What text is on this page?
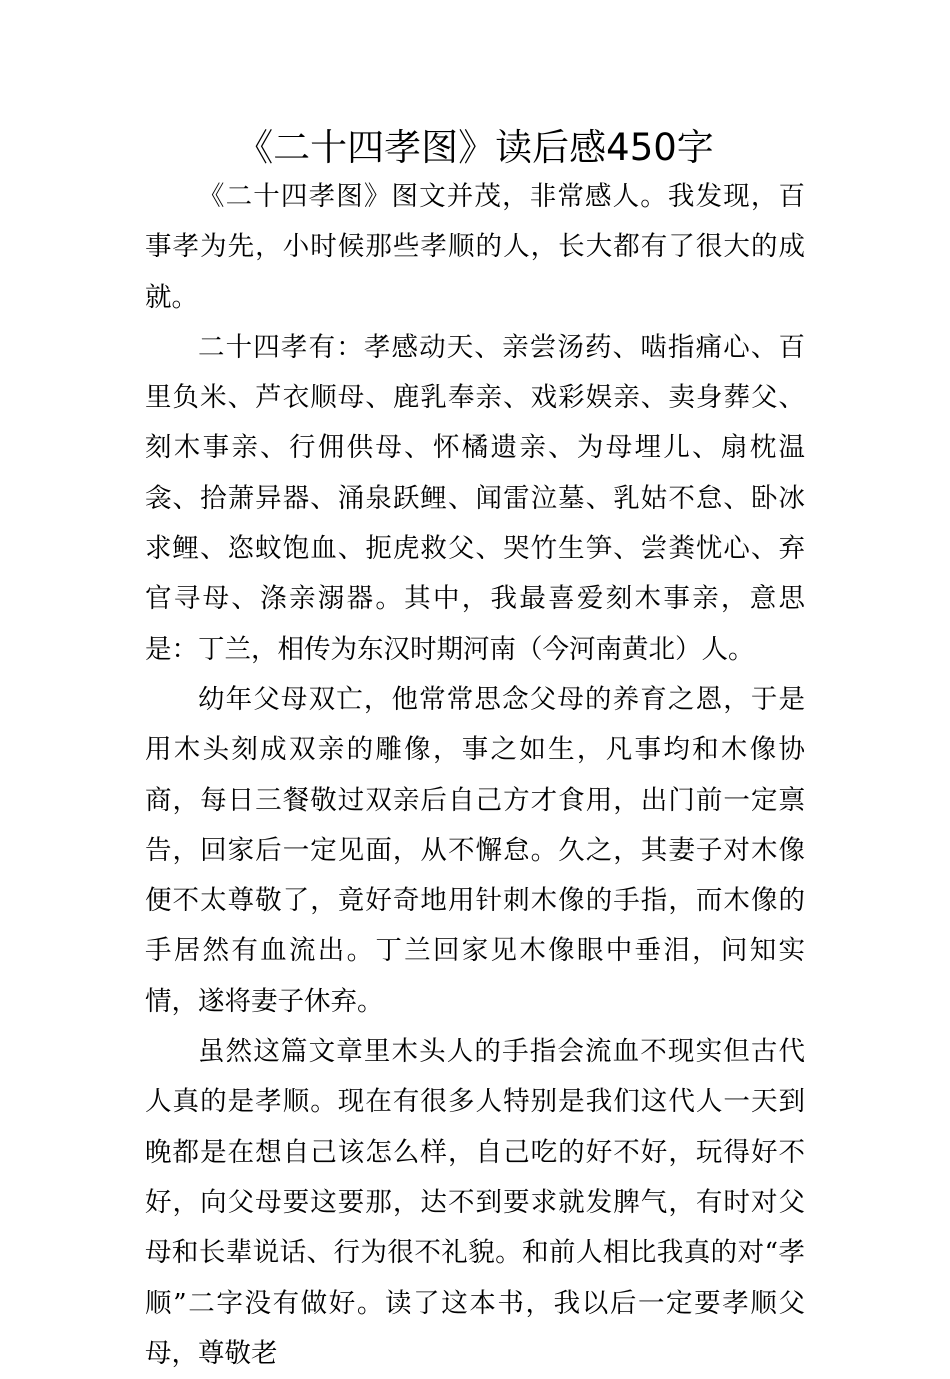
《二十四孝图》读后感450字

《二十四孝图》图文并茂，非常感人。我发现，百事孝为先，小时候那些孝顺的人，长大都有了很大的成就。

二十四孝有：孝感动天、亲尝汤药、啮指痛心、百里负米、芦衣顺母、鹿乳奉亲、戏彩娱亲、卖身葬父、刻木事亲、行佣供母、怀橘遗亲、为母埋儿、扇枕温衾、拾萧异器、涌泉跃鲤、闻雷泣墓、乳姑不怠、卧冰求鲤、恣蚊饱血、扼虎救父、哭竹生笋、尝粪忧心、弃官寻母、涤亲溺器。其中，我最喜爱刻木事亲，意思是：丁兰，相传为东汉时期河南（今河南黄北）人。

幼年父母双亡，他常常思念父母的养育之恩，于是用木头刻成双亲的雕像，事之如生，凡事均和木像协商，每日三餐敬过双亲后自己方才食用，出门前一定禀告，回家后一定见面，从不懈怠。久之，其妻子对木像便不太尊敬了，竟好奇地用针刺木像的手指，而木像的手居然有血流出。丁兰回家见木像眼中垂泪，问知实情，遂将妻子休弃。

虽然这篇文章里木头人的手指会流血不现实但古代人真的是孝顺。现在有很多人特别是我们这代人一天到晚都是在想自己该怎么样，自己吃的好不好，玩得好不好，向父母要这要那，达不到要求就发脾气，有时对父母和长辈说话、行为很不礼貌。和前人相比我真的对“孝顺”二字没有做好。读了这本书，我以后一定要孝顺父母，尊敬老
